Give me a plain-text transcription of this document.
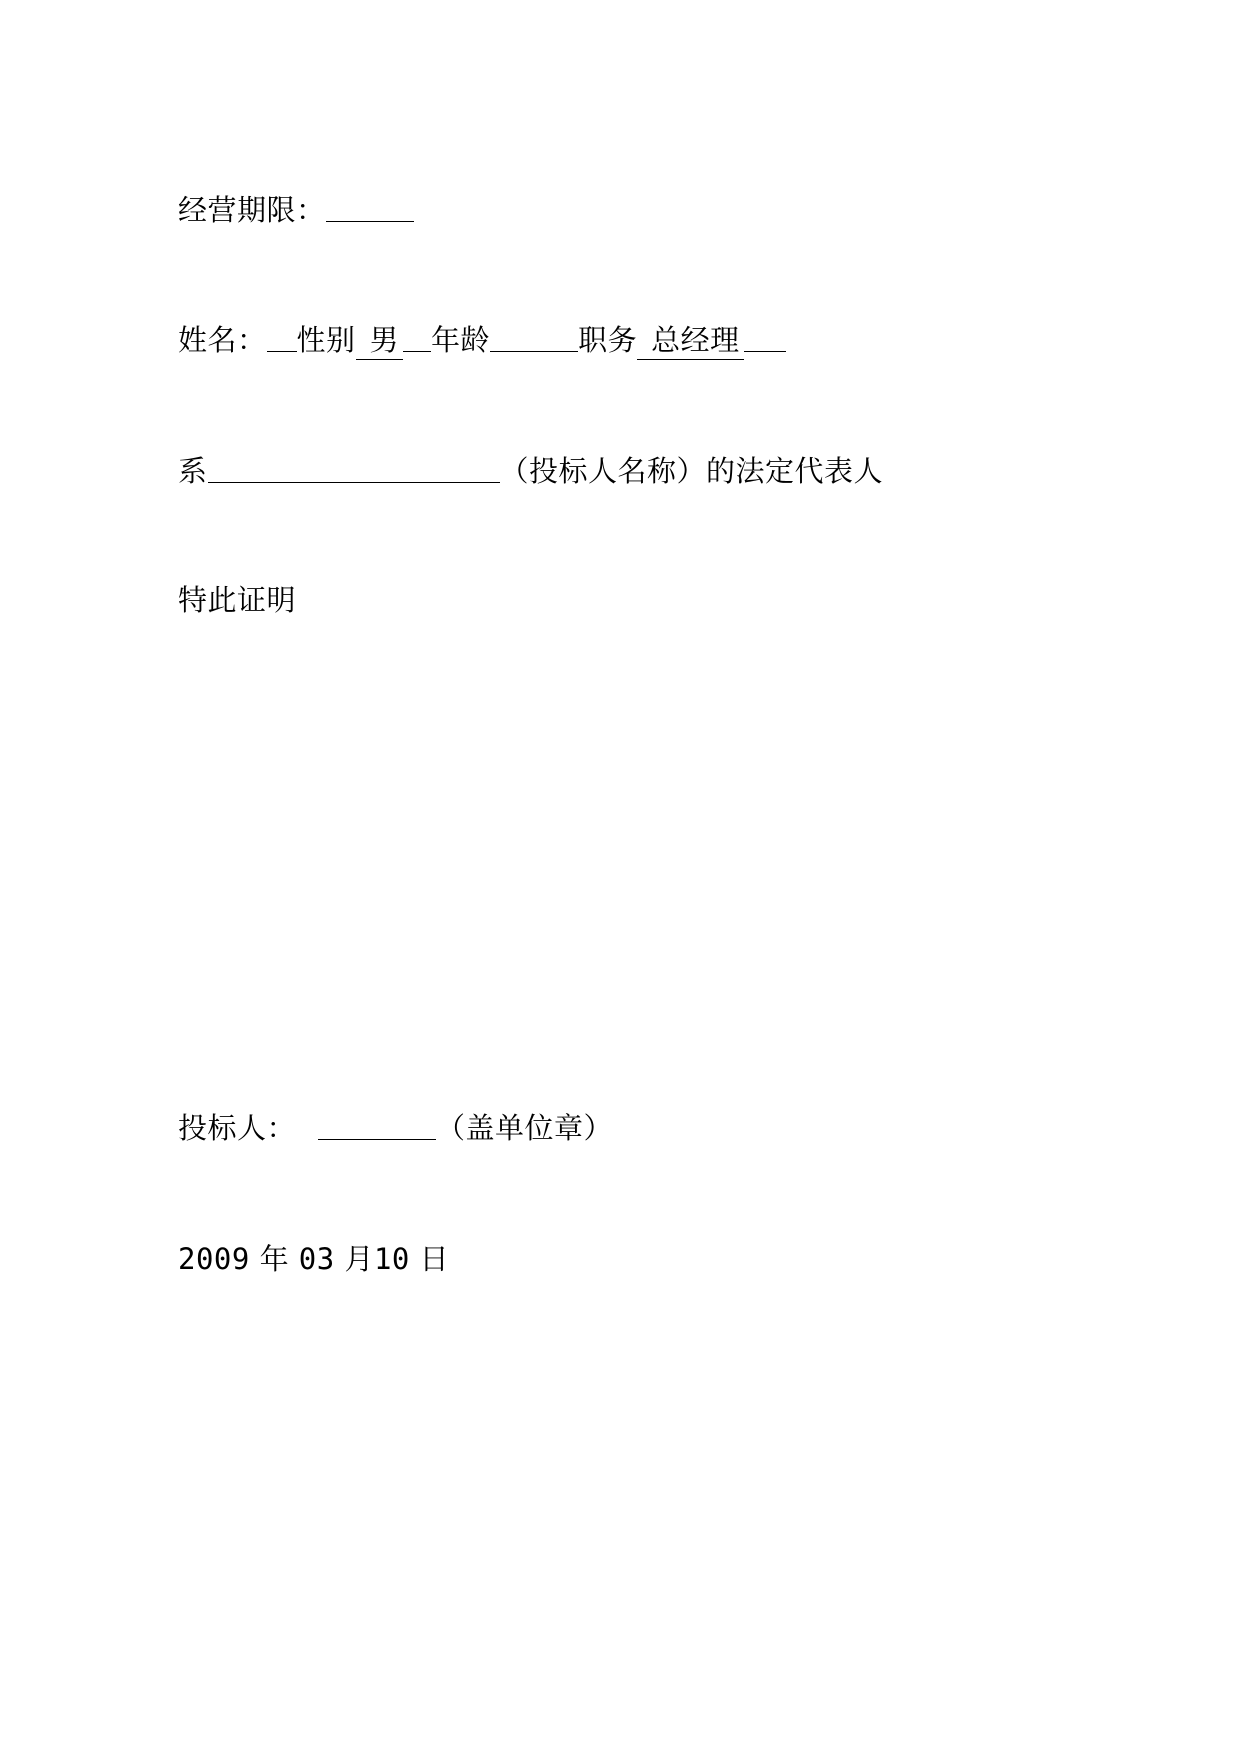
经营期限：
姓名： 性别 男 年龄	职务 总经理
系	（投标人名称）的法定代表人
特此证明
投标人：	（盖单位章）
2009 年 03 月10 日
